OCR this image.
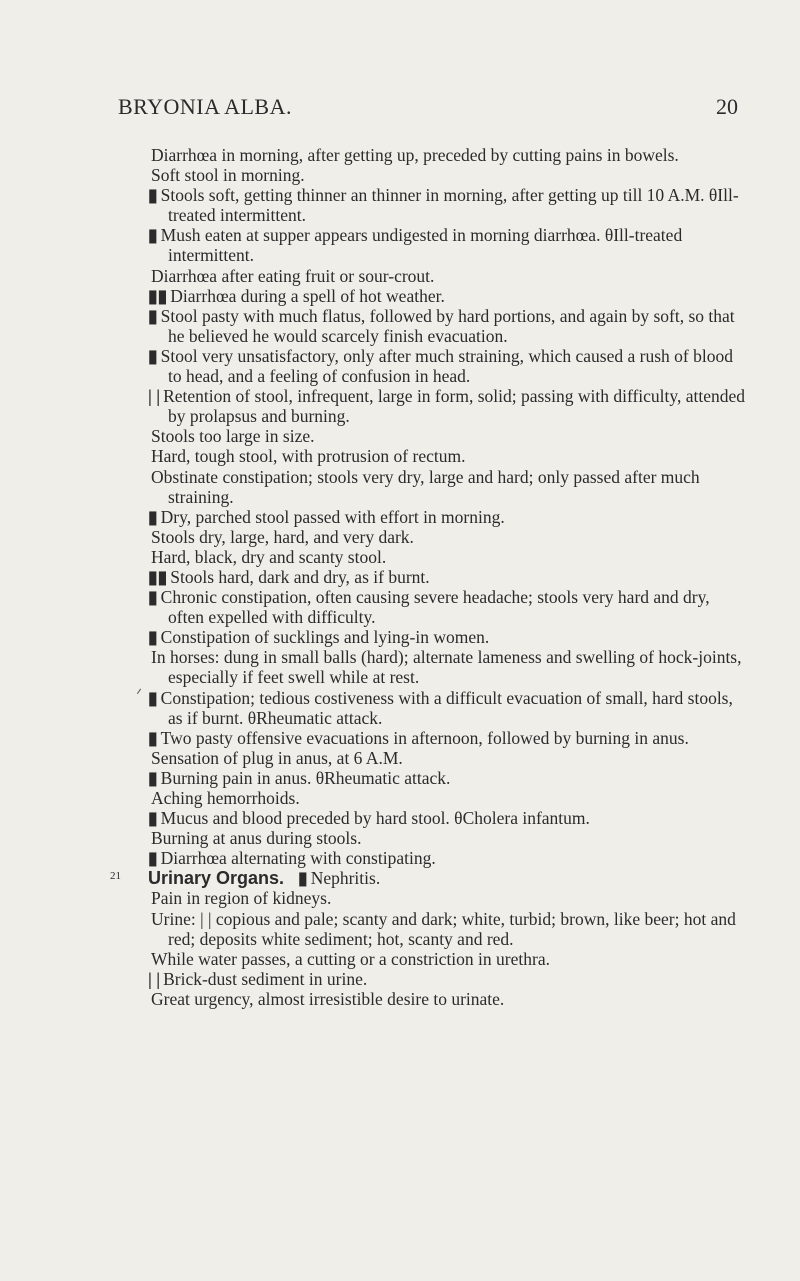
BRYONIA ALBA.	20

Diarrhœa in morning, after getting up, preceded by cutting pains in bowels.

Soft stool in morning.

▮ Stools soft, getting thinner an thinner in morning, after getting up till 10 A.M. θIll-treated intermittent.

▮ Mush eaten at supper appears undigested in morning diarrhœa. θIll-treated intermittent.

Diarrhœa after eating fruit or sour-crout.

▮▮ Diarrhœa during a spell of hot weather.

▮ Stool pasty with much flatus, followed by hard portions, and again by soft, so that he believed he would scarcely finish evacuation.

▮ Stool very unsatisfactory, only after much straining, which caused a rush of blood to head, and a feeling of confusion in head.

| | Retention of stool, infrequent, large in form, solid; passing with difficulty, attended by prolapsus and burning.

Stools too large in size.

Hard, tough stool, with protrusion of rectum.

Obstinate constipation; stools very dry, large and hard; only passed after much straining.

▮ Dry, parched stool passed with effort in morning.

Stools dry, large, hard, and very dark.

Hard, black, dry and scanty stool.

▮▮ Stools hard, dark and dry, as if burnt.

▮ Chronic constipation, often causing severe headache; stools very hard and dry, often expelled with difficulty.

▮ Constipation of sucklings and lying-in women.

In horses: dung in small balls (hard); alternate lameness and swelling of hock-joints, especially if feet swell while at rest.

▮ Constipation; tedious costiveness with a difficult evacuation of small, hard stools, as if burnt. θRheumatic attack.

▮ Two pasty offensive evacuations in afternoon, followed by burning in anus.

Sensation of plug in anus, at 6 A.M.

▮ Burning pain in anus. θRheumatic attack.

Aching hemorrhoids.

▮ Mucus and blood preceded by hard stool. θCholera infantum.

Burning at anus during stools.

▮ Diarrhœa alternating with constipating.

21	Urinary Organs. ▮ Nephritis.

Pain in region of kidneys.

Urine: | | copious and pale; scanty and dark; white, turbid; brown, like beer; hot and red; deposits white sediment; hot, scanty and red.

While water passes, a cutting or a constriction in urethra.

| | Brick-dust sediment in urine.

Great urgency, almost irresistible desire to urinate.
